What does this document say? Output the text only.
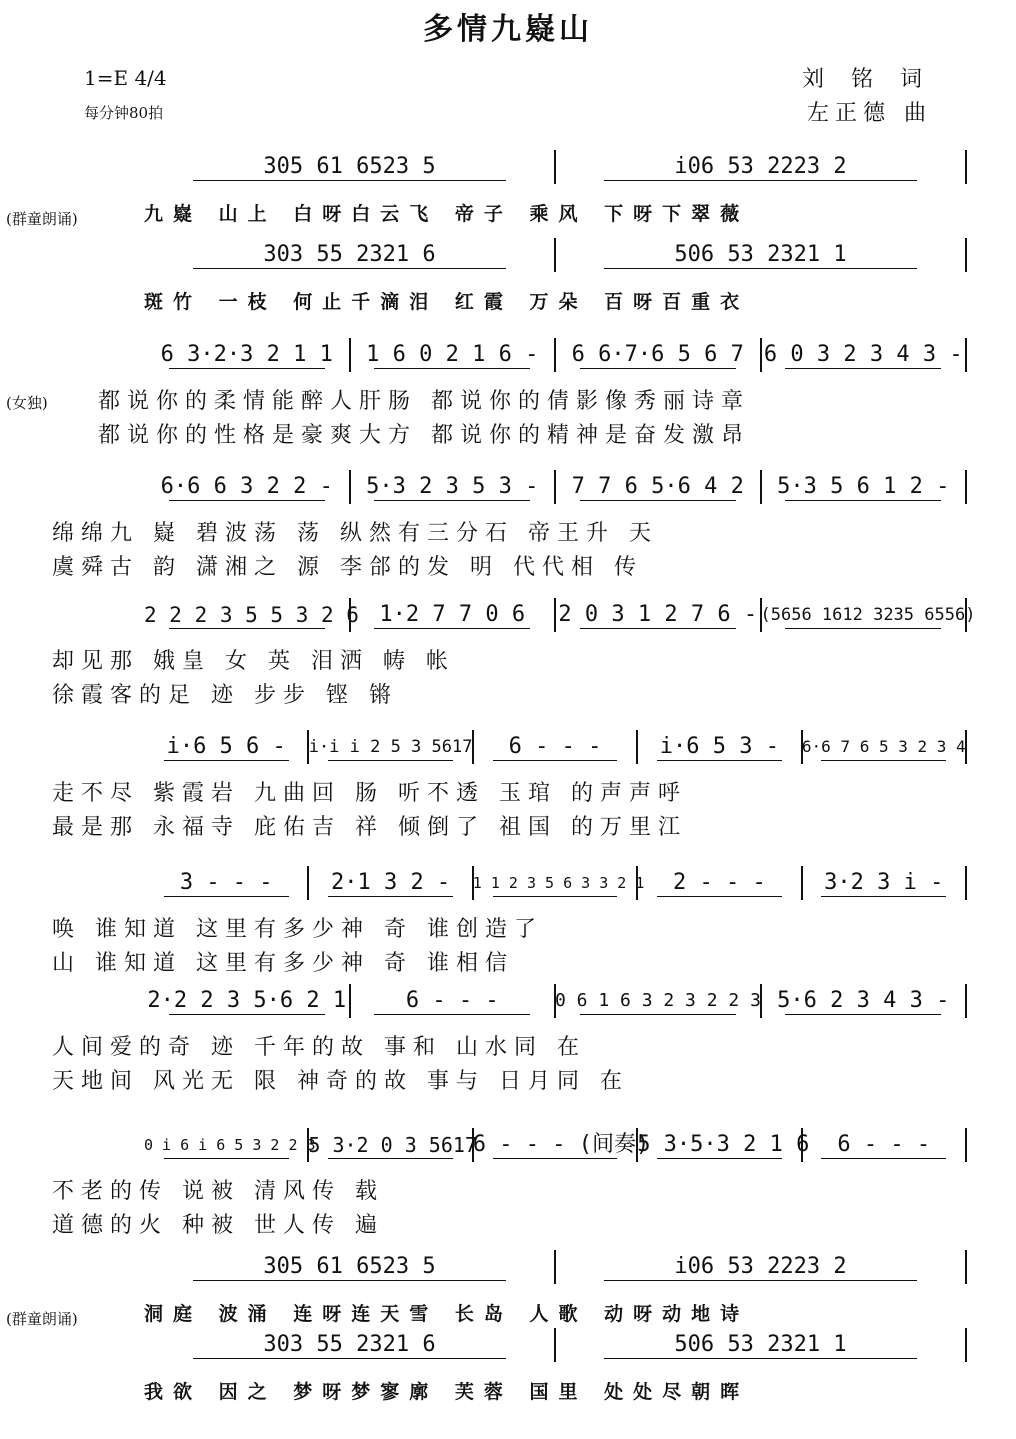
多情九嶷山
1=E 4/4
每分钟80拍
刘 铭 词
左正德 曲
(群童朗诵)
305 61 6523 5	i06 53 2223 2
九嶷 山上 白呀白云飞 帝子 乘风 下呀下翠薇
303 55 2321 6	506 53 2321 1
斑竹 一枝 何止千滴泪 红霞 万朵 百呀百重衣
(女独)
6 3·2·3 2 1 1	1 6 0 2 1 6 -	6 6·7·6 5 6 7 6 0 3 2 3 4 3 -
都说你的柔情能醉人肝肠 都说你的倩影像秀丽诗章
都说你的性格是豪爽大方 都说你的精神是奋发激昂
6·6 6 3 2 2 -	5·3 2 3 5 3 -	7 7 6 5·6 4 2	5·3 5 6 1 2 -
绵绵九 嶷 碧波荡 荡 纵然有三分石 帝王升 天
虞舜古 韵 潇湘之 源 李郃的发 明 代代相 传
2 2 2 3 5 5 3 2 6 1·2 7 7 0 6	2 0 3 1 2 7 6 - (5656 1612 3235 6556)
却见那 娥皇 女 英 泪洒 帱 帐
徐霞客的足 迹 步步 铿 锵
i·6 5 6 -	i·i i 2 5 3 5617	6 - - -	i·6 5 3 -	6·6 7 6 5 3 2 3 4
走不尽 紫霞岩 九曲回 肠 听不透 玉琯 的声声呼
最是那 永福寺 庇佑吉 祥 倾倒了 祖国 的万里江
3 - - -	2·1 3 2 -	1 1 2 3 5 6 3 3 2 1	2 - - -	3·2 3 i -
唤 谁知道 这里有多少神 奇 谁创造了
山 谁知道 这里有多少神 奇 谁相信
2·2 2 3 5·6 2 1	6 - - -	0 6 1 6 3 2 3 2 2 3 5·6 2 3 4 3 -
人间爱的奇 迹 千年的故 事和 山水同 在
天地间 风光无 限 神奇的故 事与 日月同 在
0 i 6 i 6 5 3 2 2 3
5 3·2 0 3 5617
6 - - - (间奏)
5 3·5·3 2 1 6	6 - - -
不老的传 说被 清风传 载
道德的火 种被 世人传 遍
(群童朗诵)
305 61 6523 5	i06 53 2223 2
洞庭 波涌 连呀连天雪 长岛 人歌 动呀动地诗
303 55 2321 6	506 53 2321 1
我欲 因之 梦呀梦寥廓 芙蓉 国里 处处尽朝晖
